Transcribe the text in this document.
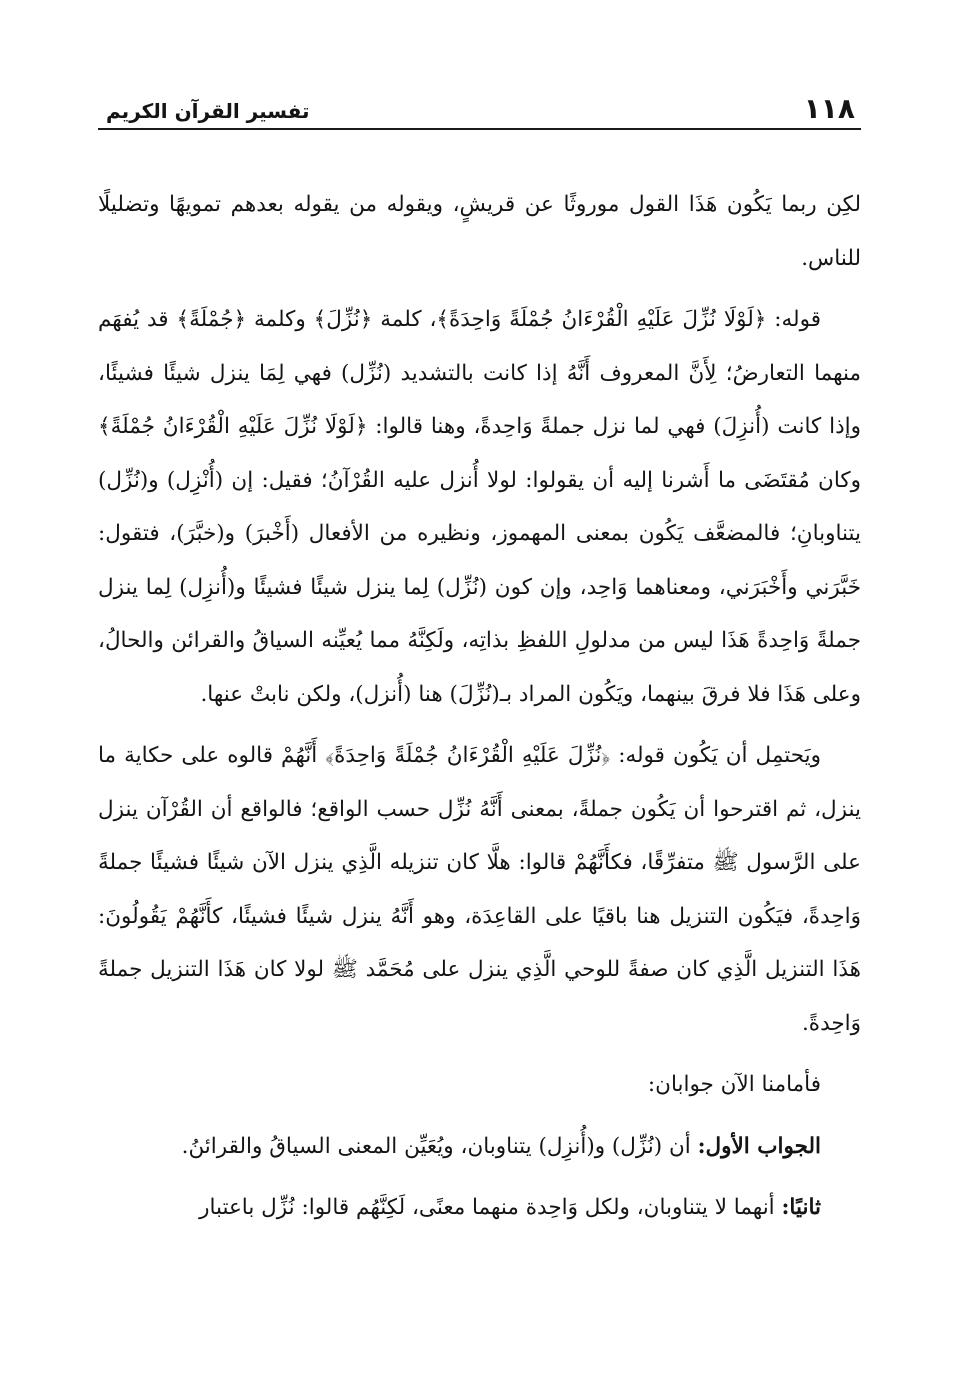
١١٨
تفسير القرآن الكريم

لكِن ربما يَكُون هَذَا القول موروثًا عن قريشٍ، ويقوله من يقوله بعدهم تمويهًا وتضليلًا للناس.

قوله: ﴿لَوْلَا نُزِّلَ عَلَيْهِ الْقُرْءَانُ جُمْلَةً وَاحِدَةً﴾، كلمة ﴿نُزِّلَ﴾ وكلمة ﴿جُمْلَةً﴾ قد يُفهَم منهما التعارضُ؛ لِأَنَّ المعروف أَنَّهُ إذا كانت بالتشديد (نُزِّل) فهي لِمَا ينزل شيئًا فشيئًا، وإذا كانت (أُنزِلَ) فهي لما نزل جملةً وَاحِدةً، وهنا قالوا: ﴿لَوْلَا نُزِّلَ عَلَيْهِ الْقُرْءَانُ جُمْلَةً﴾ وكان مُقتَضَى ما أَشرنا إليه أن يقولوا: لولا أُنزل عليه القُرْآنُ؛ فقيل: إن (أُنْزِل) و(نُزِّل) يتناوبانِ؛ فالمضعَّف يَكُون بمعنى المهموز، ونظيره من الأفعال (أَخْبرَ) و(خبَّرَ)، فتقول: خَبَّرَني وأَخْبَرَني، ومعناهما وَاحِد، وإن كون (نُزِّل) لِما ينزل شيئًا فشيئًا و(أُنزِل) لِما ينزل جملةً وَاحِدةً هَذَا ليس من مدلولِ اللفظِ بذاتِه، ولَكِنَّهُ مما يُعيِّنه السياقُ والقرائن والحالُ، وعلى هَذَا فلا فرقَ بينهما، ويَكُون المراد بـ(نُزِّلَ) هنا (أُنزل)، ولكن نابتْ عنها.

ويَحتمِل أن يَكُون قوله: ﴿نُزِّلَ عَلَيْهِ الْقُرْءَانُ جُمْلَةً وَاحِدَةً﴾ أَنَّهُمْ قالوه على حكاية ما ينزل، ثم اقترحوا أن يَكُون جملةً، بمعنى أَنَّهُ نُزِّل حسب الواقع؛ فالواقع أن القُرْآن ينزل على الرَّسول ﷺ متفرِّقًا، فكأَنَّهُمْ قالوا: هلَّا كان تنزيله الَّذِي ينزل الآن شيئًا فشيئًا جملةً وَاحِدةً، فيَكُون التنزيل هنا باقيًا على القاعِدَة، وهو أَنَّهُ ينزل شيئًا فشيئًا، كأَنَّهُمْ يَقُولُونَ: هَذَا التنزيل الَّذِي كان صفةً للوحي الَّذِي ينزل على مُحَمَّد ﷺ لولا كان هَذَا التنزيل جملةً وَاحِدةً.

فأمامنا الآن جوابان:

الجواب الأول: أن (نُزِّل) و(أُنزِل) يتناوبان، ويُعَيِّن المعنى السياقُ والقرائنُ.

ثانيًا: أنهما لا يتناوبان، ولكل وَاحِدة منهما معنًى، لَكِنَّهُم قالوا: نُزِّل باعتبار
